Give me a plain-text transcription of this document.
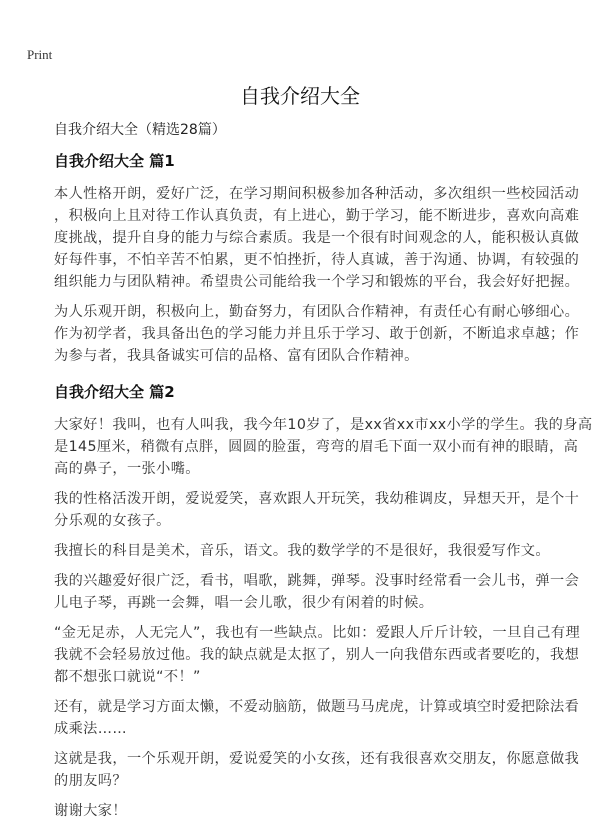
Print
自我介绍大全
自我介绍大全（精选28篇）
自我介绍大全 篇1
本人性格开朗，爱好广泛，在学习期间积极参加各种活动，多次组织一些校园活动
，积极向上且对待工作认真负责，有上进心，勤于学习，能不断进步，喜欢向高难
度挑战，提升自身的能力与综合素质。我是一个很有时间观念的人，能积极认真做
好每件事，不怕辛苦不怕累，更不怕挫折，待人真诚，善于沟通、协调，有较强的
组织能力与团队精神。希望贵公司能给我一个学习和锻炼的平台，我会好好把握。
为人乐观开朗，积极向上，勤奋努力，有团队合作精神，有责任心有耐心够细心。
作为初学者，我具备出色的学习能力并且乐于学习、敢于创新，不断追求卓越；作
为参与者，我具备诚实可信的品格、富有团队合作精神。
自我介绍大全 篇2
大家好！我叫，也有人叫我，我今年10岁了，是xx省xx市xx小学的学生。我的身高
是145厘米，稍微有点胖，圆圆的脸蛋，弯弯的眉毛下面一双小而有神的眼睛，高
高的鼻子，一张小嘴。
我的性格活泼开朗，爱说爱笑，喜欢跟人开玩笑，我幼稚调皮，异想天开，是个十
分乐观的女孩子。
我擅长的科目是美术，音乐，语文。我的数学学的不是很好，我很爱写作文。
我的兴趣爱好很广泛，看书，唱歌，跳舞，弹琴。没事时经常看一会儿书，弹一会
儿电子琴，再跳一会舞，唱一会儿歌，很少有闲着的时候。
“金无足赤，人无完人”，我也有一些缺点。比如：爱跟人斤斤计较，一旦自己有理
我就不会轻易放过他。我的缺点就是太抠了，别人一向我借东西或者要吃的，我想
都不想张口就说“不！”
还有，就是学习方面太懒，不爱动脑筋，做题马马虎虎，计算或填空时爱把除法看
成乘法……
这就是我，一个乐观开朗，爱说爱笑的小女孩，还有我很喜欢交朋友，你愿意做我
的朋友吗？
谢谢大家！
